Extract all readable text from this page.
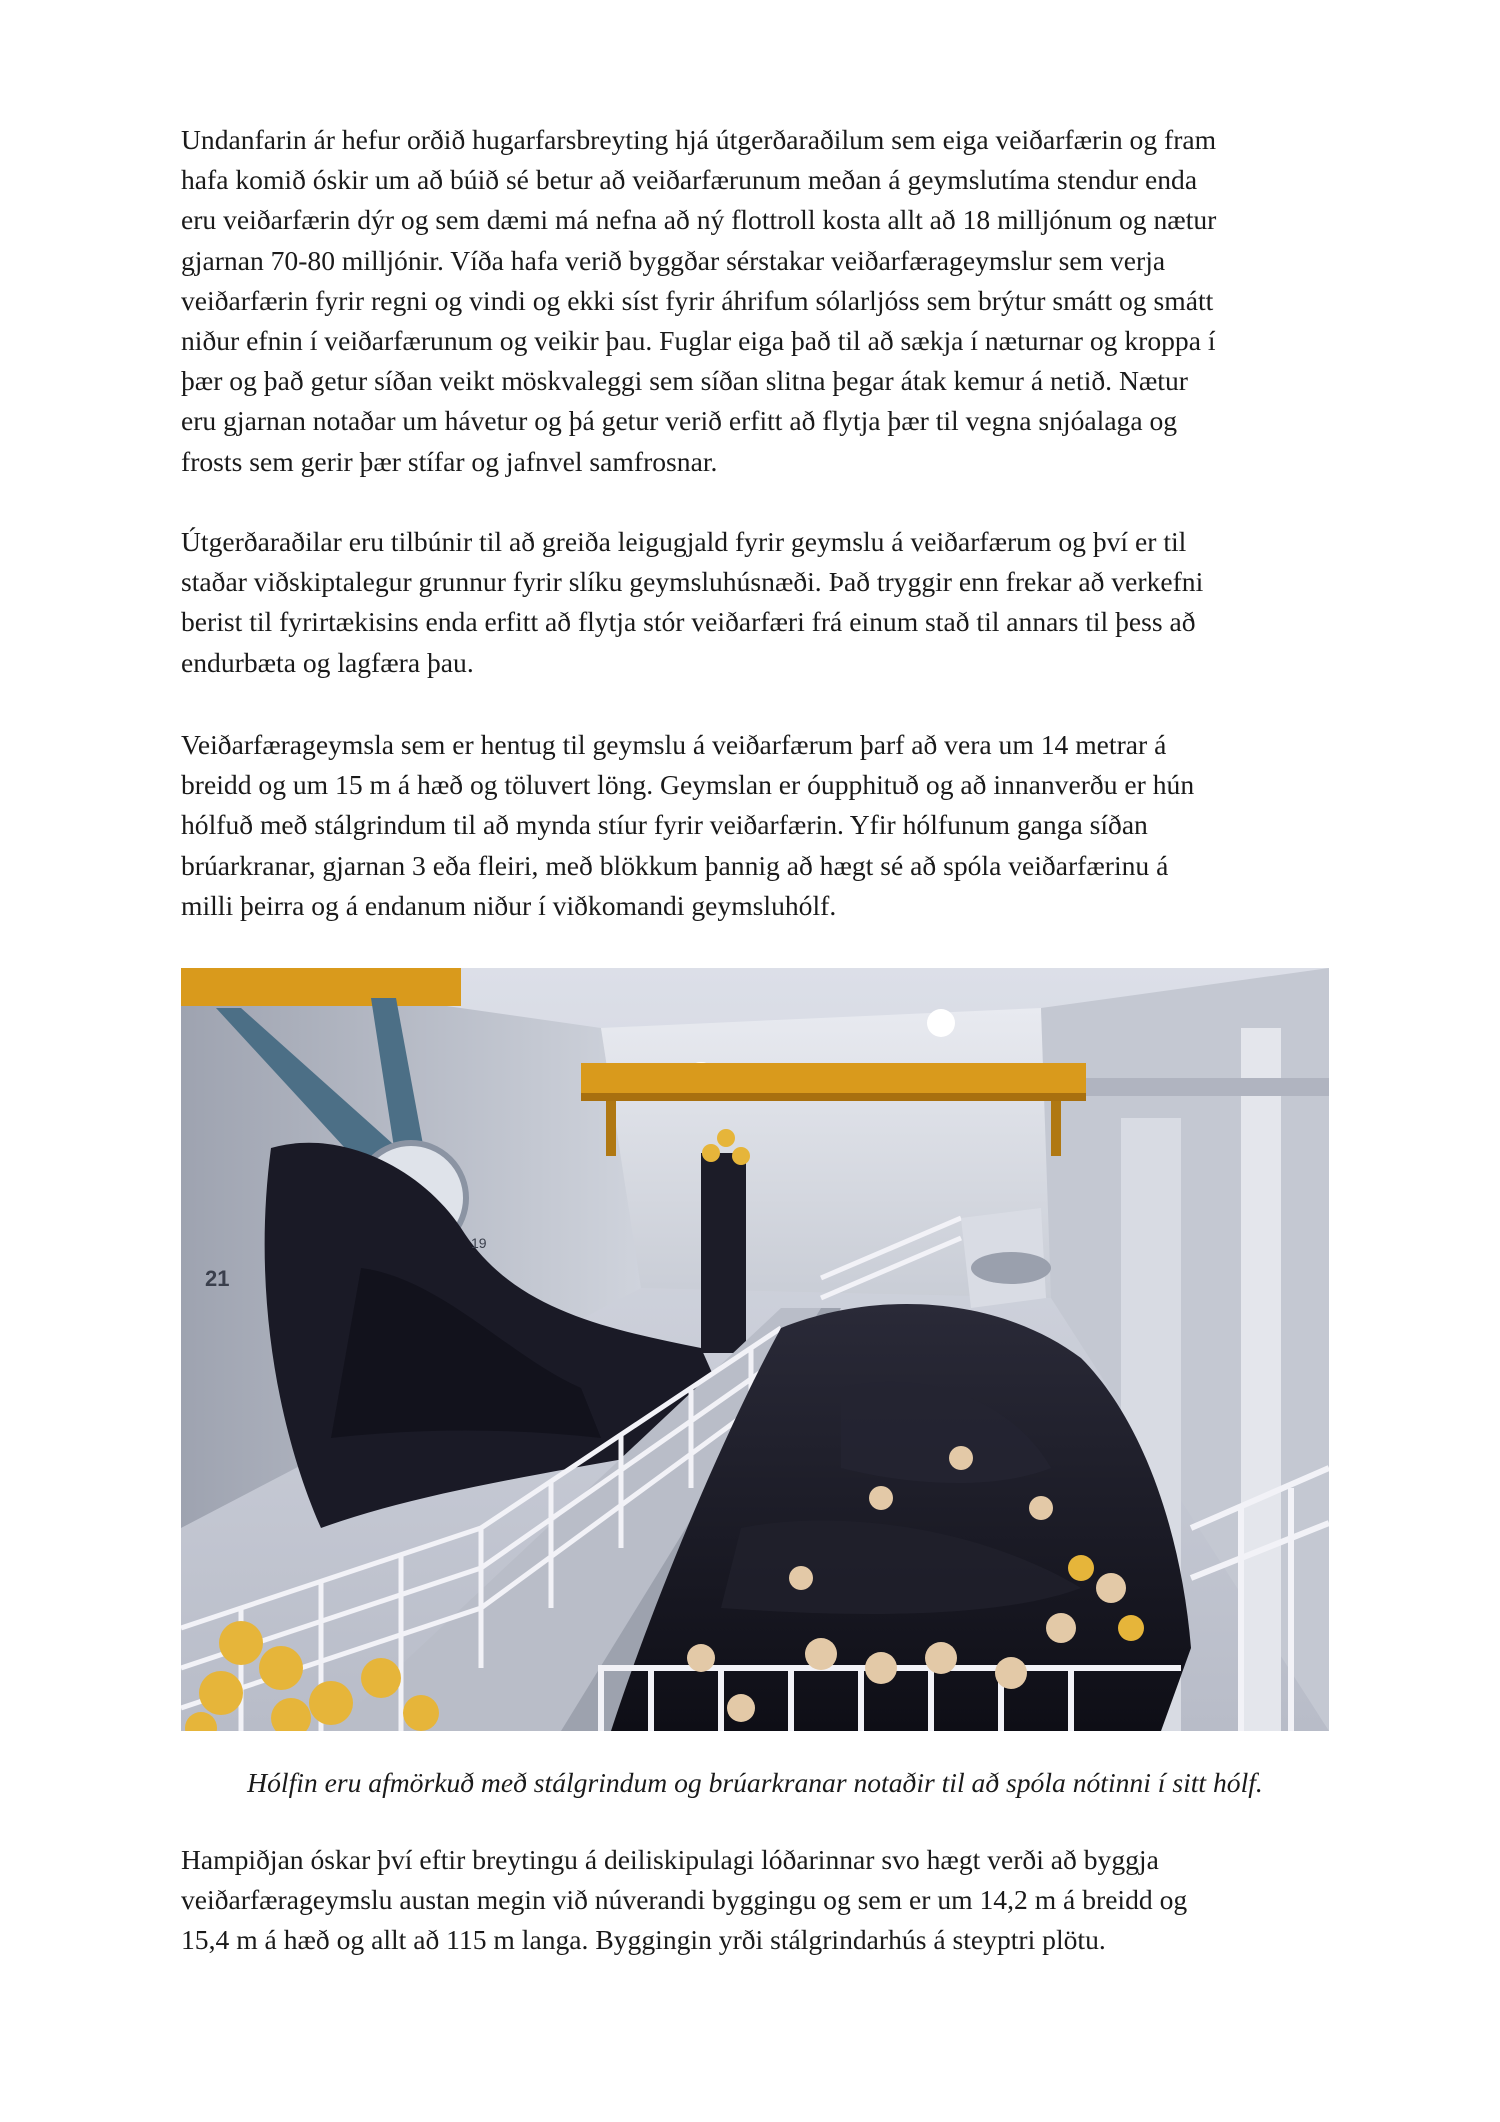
Undanfarin ár hefur orðið hugarfarsbreyting hjá útgerðaraðilum sem eiga veiðarfærin og fram
hafa komið óskir um að búið sé betur að veiðarfærunum meðan á geymslutíma stendur enda
eru veiðarfærin dýr og sem dæmi má nefna að ný flottroll kosta allt að 18 milljónum og nætur
gjarnan 70-80 milljónir. Víða hafa verið byggðar sérstakar veiðarfærageymslur sem verja
veiðarfærin fyrir regni og vindi og ekki síst fyrir áhrifum sólarljóss sem brýtur smátt og smátt
niður efnin í veiðarfærunum og veikir þau. Fuglar eiga það til að sækja í næturnar og kroppa í
þær og það getur síðan veikt möskvaleggi sem síðan slitna þegar átak kemur á netið. Nætur
eru gjarnan notaðar um hávetur og þá getur verið erfitt að flytja þær til vegna snjóalaga og
frosts sem gerir þær stífar og jafnvel samfrosnar.

Útgerðaraðilar eru tilbúnir til að greiða leigugjald fyrir geymslu á veiðarfærum og því er til
staðar viðskiptalegur grunnur fyrir slíku geymsluhúsnæði. Það tryggir enn frekar að verkefni
berist til fyrirtækisins enda erfitt að flytja stór veiðarfæri frá einum stað til annars til þess að
endurbæta og lagfæra þau.

Veiðarfærageymsla sem er hentug til geymslu á veiðarfærum þarf að vera um 14 metrar á
breidd og um 15 m á hæð og töluvert löng. Geymslan er óupphituð og að innanverðu er hún
hólfuð með stálgrindum til að mynda stíur fyrir veiðarfærin. Yfir hólfunum ganga síðan
brúarkranar, gjarnan 3 eða fleiri, með blökkum þannig að hægt sé að spóla veiðarfærinu á
milli þeirra og á endanum niður í viðkomandi geymsluhólf.

21
19

Hólfin eru afmörkuð með stálgrindum og brúarkranar notaðir til að spóla nótinni í sitt hólf.

Hampiðjan óskar því eftir breytingu á deiliskipulagi lóðarinnar svo hægt verði að byggja
veiðarfærageymslu austan megin við núverandi byggingu og sem er um 14,2 m á breidd og
15,4 m á hæð og allt að 115 m langa. Byggingin yrði stálgrindarhús á steyptri plötu.
